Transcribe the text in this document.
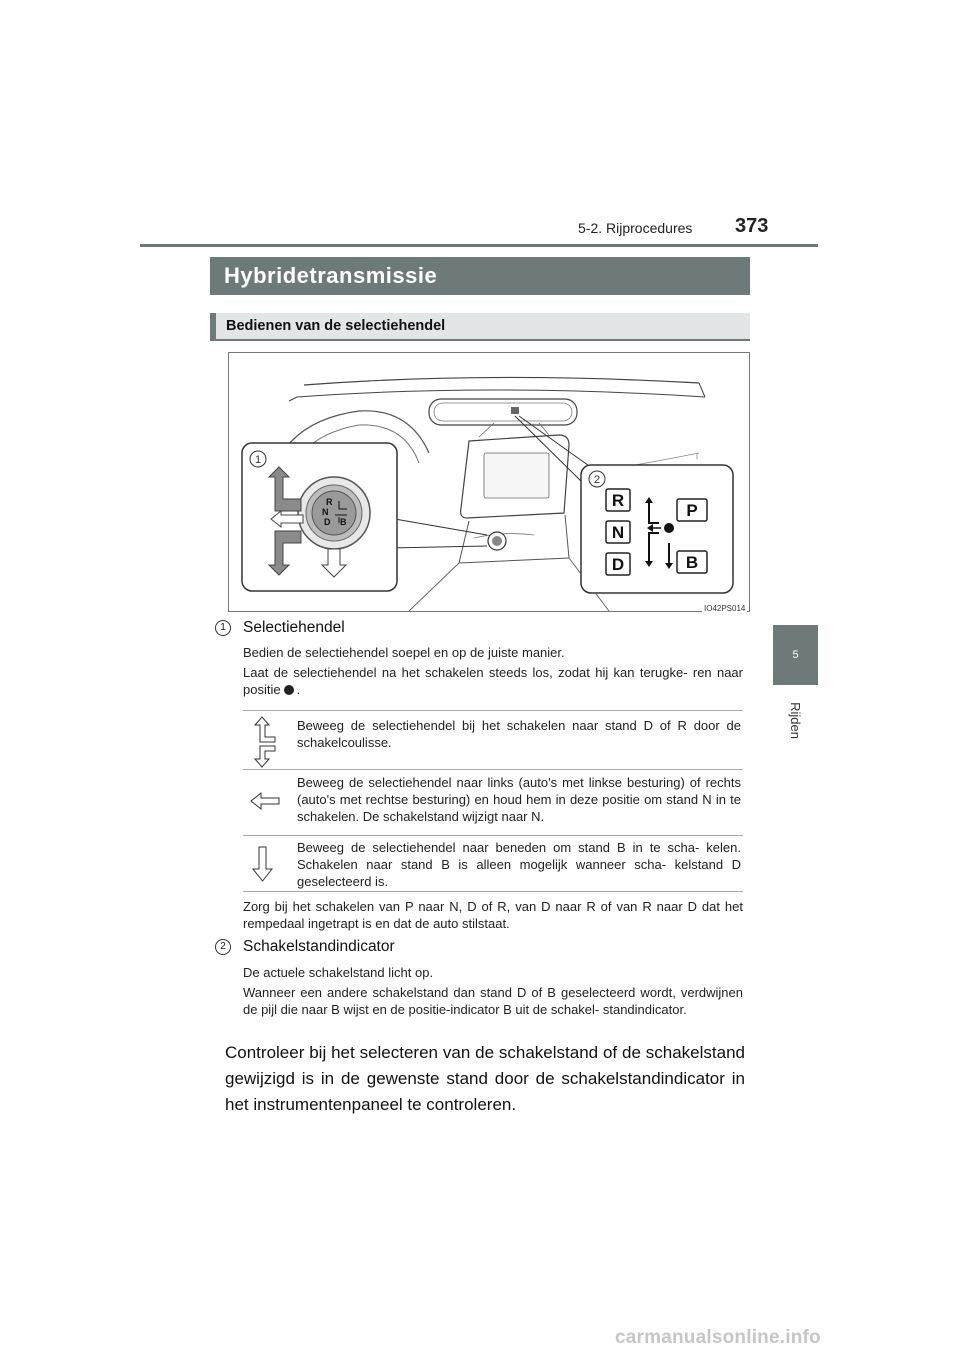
5-2. Rijprocedures 373
5
Rijden
Hybridetransmissie
Bedienen van de selectiehendel
1
R
N
D B
2
R
N
D
P
B
IO42PS014
1	Selectiehendel
Bedien de selectiehendel soepel en op de juiste manier.
Laat de selectiehendel na het schakelen steeds los, zodat hij kan terugke- ren naar positie .
Beweeg de selectiehendel bij het schakelen naar stand D of R door de schakelcoulisse.
Beweeg de selectiehendel naar links (auto's met linkse besturing) of rechts (auto's met rechtse besturing) en houd hem in deze positie om stand N in te schakelen. De schakelstand wijzigt naar N.
Beweeg de selectiehendel naar beneden om stand B in te scha- kelen. Schakelen naar stand B is alleen mogelijk wanneer scha- kelstand D geselecteerd is.
Zorg bij het schakelen van P naar N, D of R, van D naar R of van R naar D dat het rempedaal ingetrapt is en dat de auto stilstaat.
2	Schakelstandindicator
De actuele schakelstand licht op.
Wanneer een andere schakelstand dan stand D of B geselecteerd wordt, verdwijnen de pijl die naar B wijst en de positie-indicator B uit de schakel- standindicator.
Controleer bij het selecteren van de schakelstand of de schakelstand gewijzigd is in de gewenste stand door de schakelstandindicator in het instrumentenpaneel te controleren.
carmanualsonline.info
